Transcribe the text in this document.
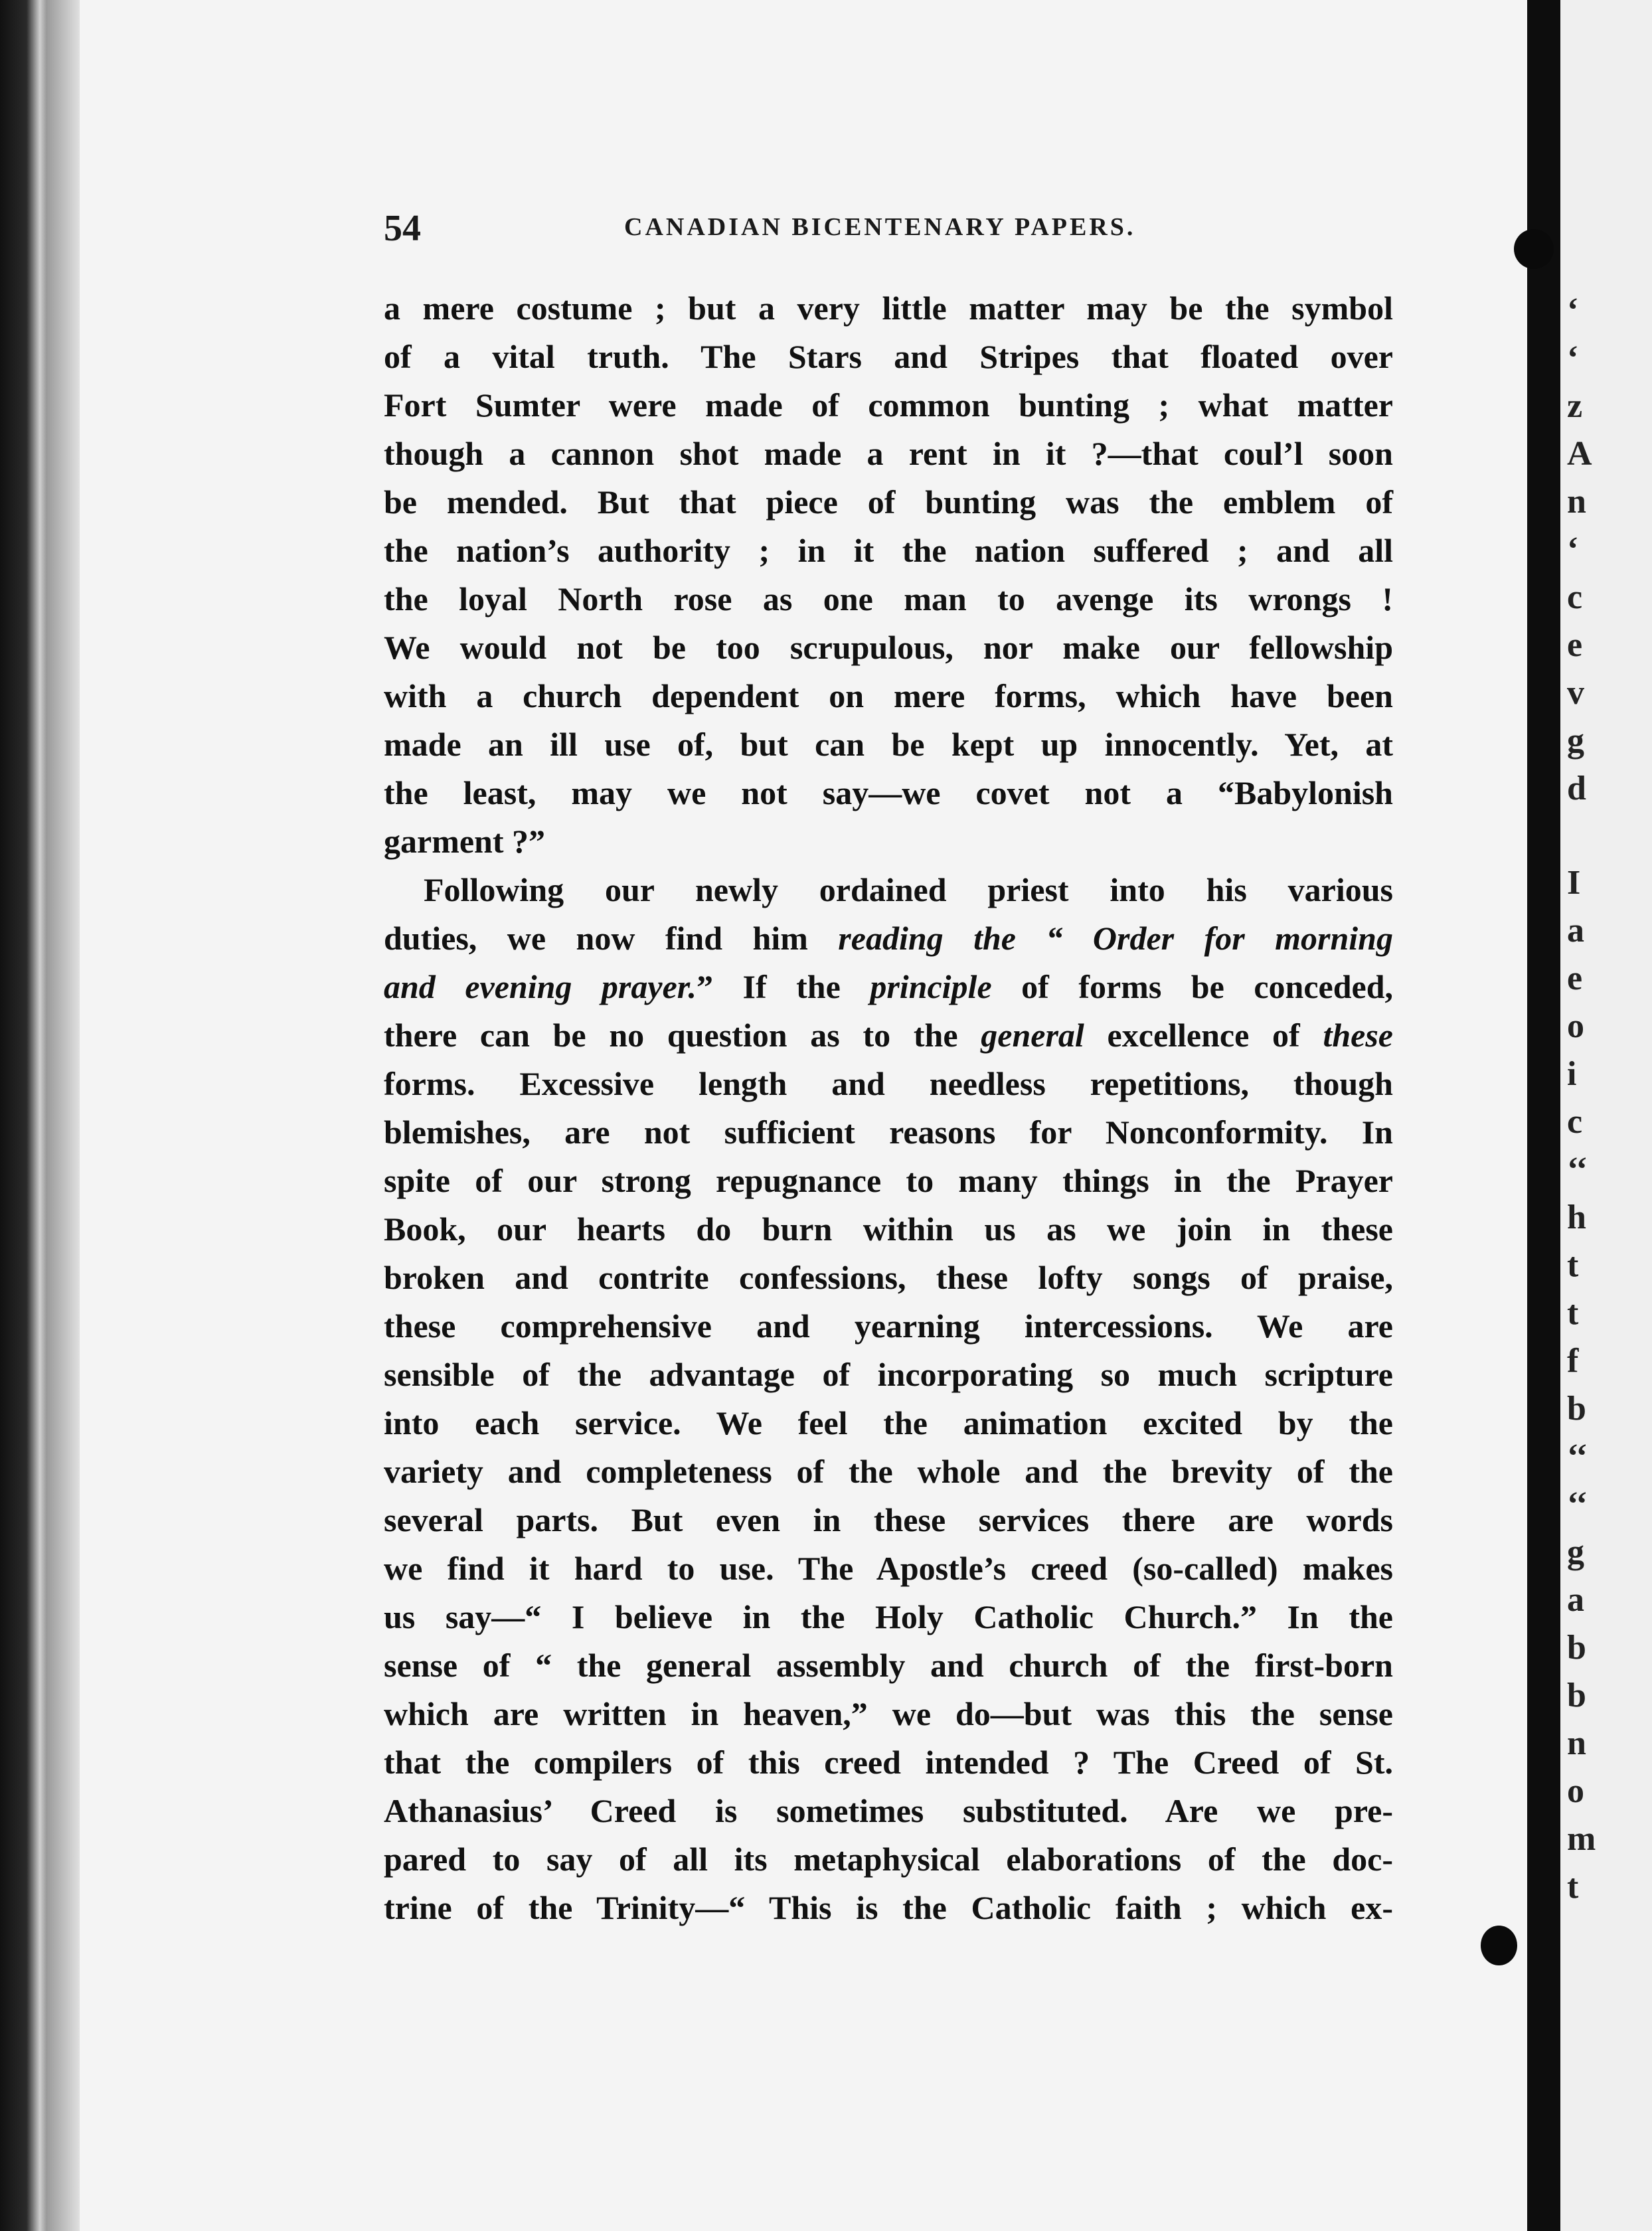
54	CANADIAN BICENTENARY PAPERS.
a mere costume ; but a very little matter may be the symbol
of a vital truth. The Stars and Stripes that floated over
Fort Sumter were made of common bunting ; what matter
though a cannon shot made a rent in it ?—that coul’l soon
be mended. But that piece of bunting was the emblem of
the nation’s authority ; in it the nation suffered ; and all
the loyal North rose as one man to avenge its wrongs !
We would not be too scrupulous, nor make our fellowship
with a church dependent on mere forms, which have been
made an ill use of, but can be kept up innocently. Yet, at
the least, may we not say—we covet not a “Babylonish
garment ?”
Following our newly ordained priest into his various
duties, we now find him reading the “ Order for morning
and evening prayer.” If the principle of forms be conceded,
there can be no question as to the general excellence of these
forms. Excessive length and needless repetitions, though
blemishes, are not sufficient reasons for Nonconformity. In
spite of our strong repugnance to many things in the Prayer
Book, our hearts do burn within us as we join in these
broken and contrite confessions, these lofty songs of praise,
these comprehensive and yearning intercessions. We are
sensible of the advantage of incorporating so much scripture
into each service. We feel the animation excited by the
variety and completeness of the whole and the brevity of the
several parts. But even in these services there are words
we find it hard to use. The Apostle’s creed (so-called) makes
us say—“ I believe in the Holy Catholic Church.” In the
sense of “ the general assembly and church of the first-born
which are written in heaven,” we do—but was this the sense
that the compilers of this creed intended ? The Creed of St.
Athanasius’ Creed is sometimes substituted. Are we pre-
pared to say of all its metaphysical elaborations of the doc-
trine of the Trinity—“ This is the Catholic faith ; which ex-
‘
‘
z
A
n
‘
c
e
v
g
d
I
a
e
o
i
c
‘‘
h
t
t
f
b
‘‘
‘‘
g
a
b
b
n
o
m
t
